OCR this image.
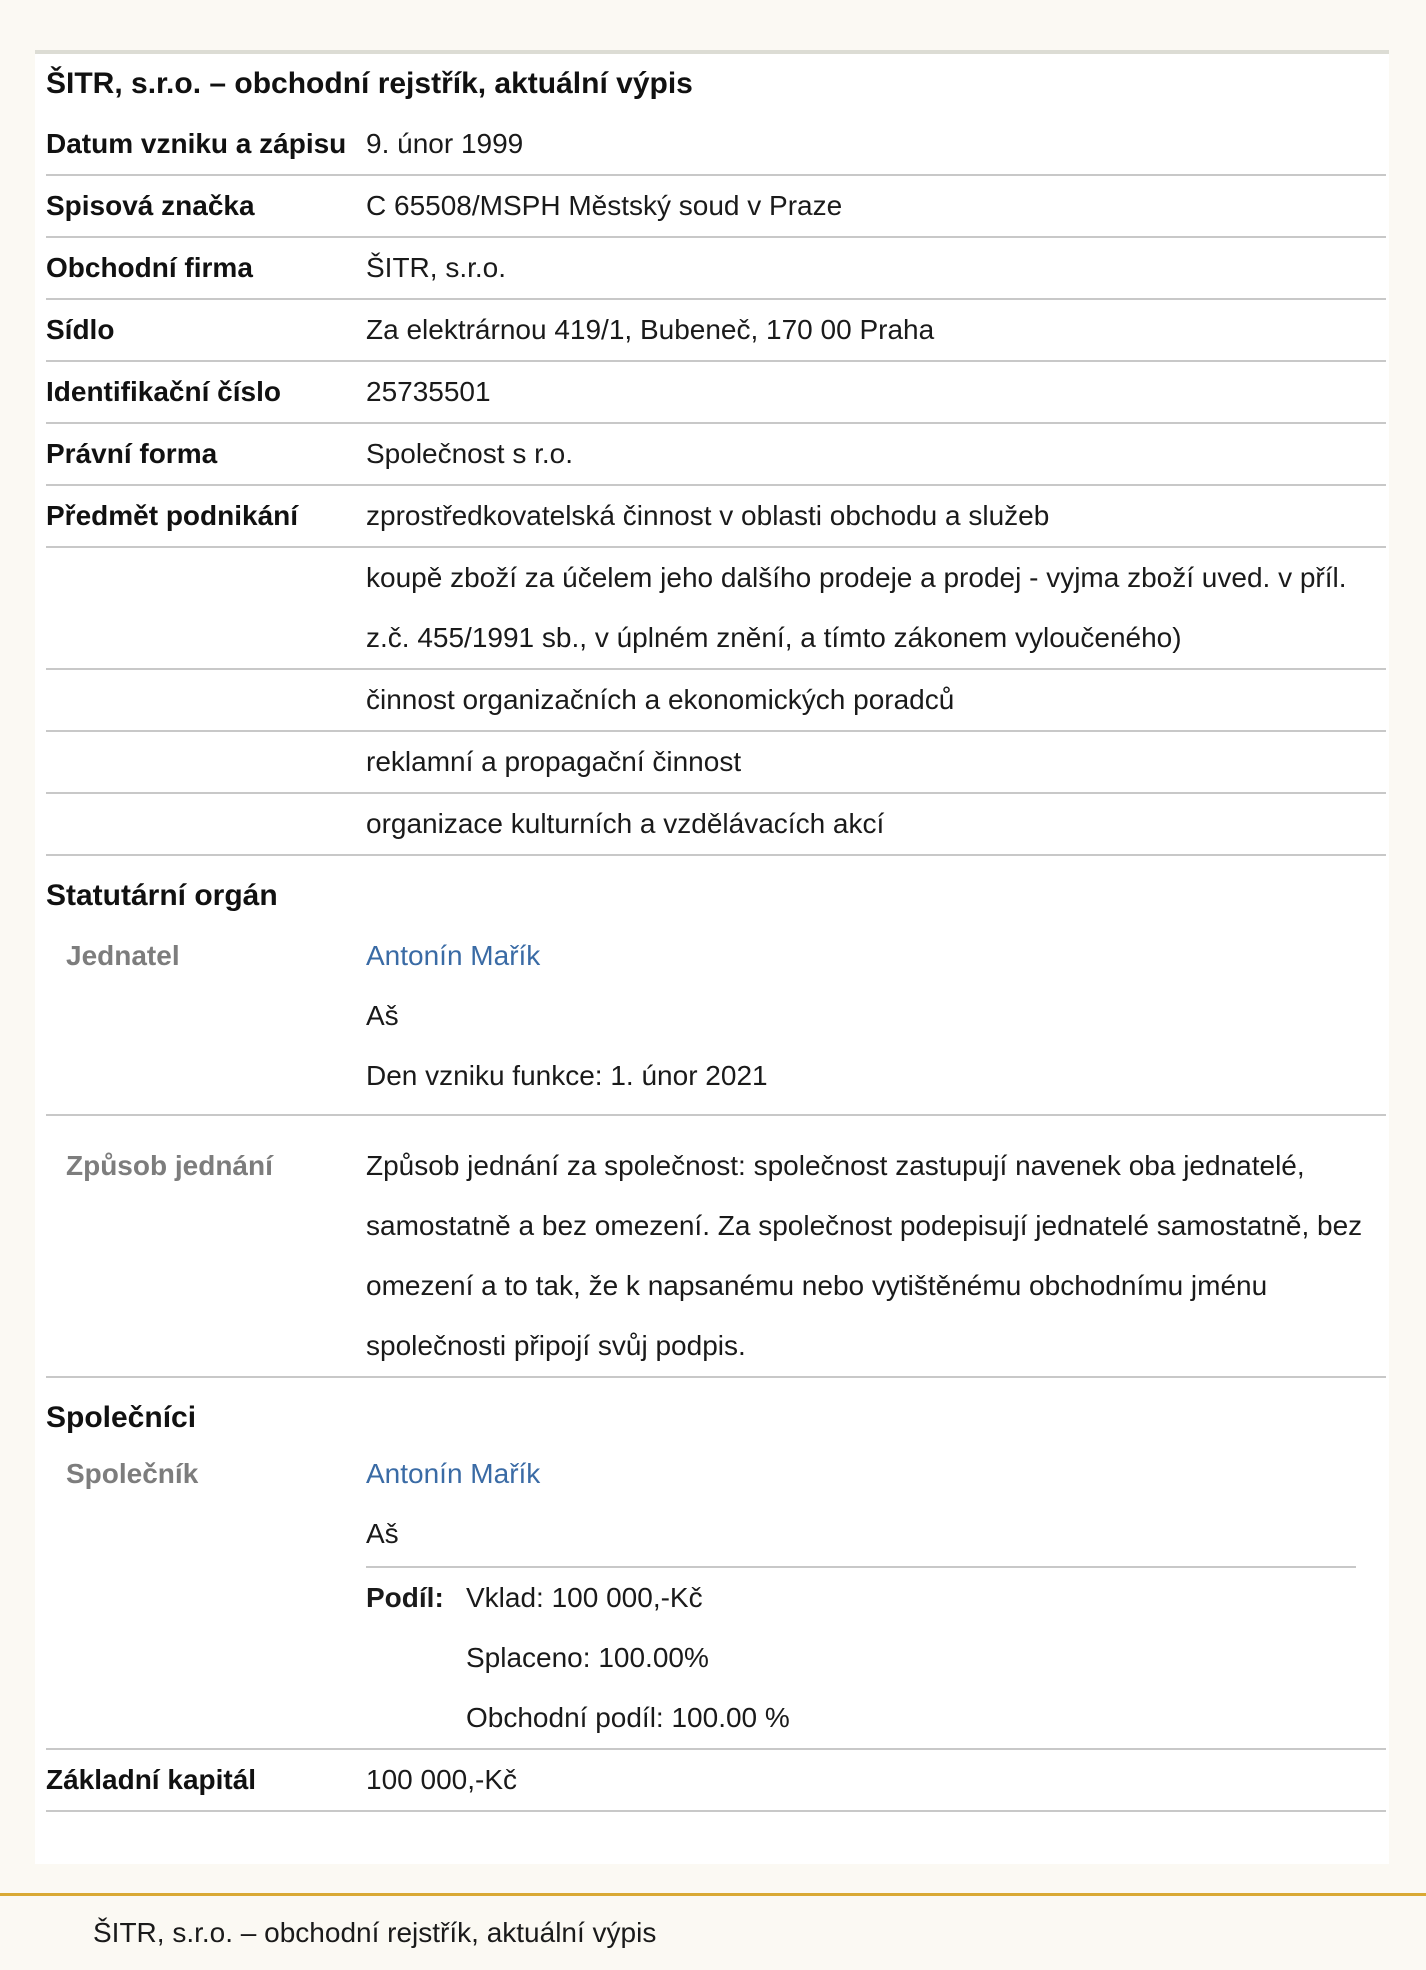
ŠITR, s.r.o. – obchodní rejstřík, aktuální výpis
Datum vzniku a zápisu 9. únor 1999
Spisová značka	C 65508/MSPH Městský soud v Praze
Obchodní firma	ŠITR, s.r.o.
Sídlo	Za elektrárnou 419/1, Bubeneč, 170 00 Praha
Identifikační číslo	25735501
Právní forma	Společnost s r.o.
Předmět podnikání	zprostředkovatelská činnost v oblasti obchodu a služeb
koupě zboží za účelem jeho dalšího prodeje a prodej - vyjma zboží uved. v příl. z.č. 455/1991 sb., v úplném znění, a tímto zákonem vyloučeného)
činnost organizačních a ekonomických poradců
reklamní a propagační činnost
organizace kulturních a vzdělávacích akcí
Statutární orgán
Jednatel	Antonín Mařík
Aš
Den vzniku funkce: 1. únor 2021
Způsob jednání	Způsob jednání za společnost: společnost zastupují navenek oba jednatelé, samostatně a bez omezení. Za společnost podepisují jednatelé samostatně, bez omezení a to tak, že k napsanému nebo vytištěnému obchodnímu jménu společnosti připojí svůj podpis.
Společníci
Společník	Antonín Mařík
Aš
Podíl: Vklad: 100 000,-Kč
Splaceno: 100.00%
Obchodní podíl: 100.00 %
Základní kapitál	100 000,-Kč
ŠITR, s.r.o. – obchodní rejstřík, aktuální výpis
